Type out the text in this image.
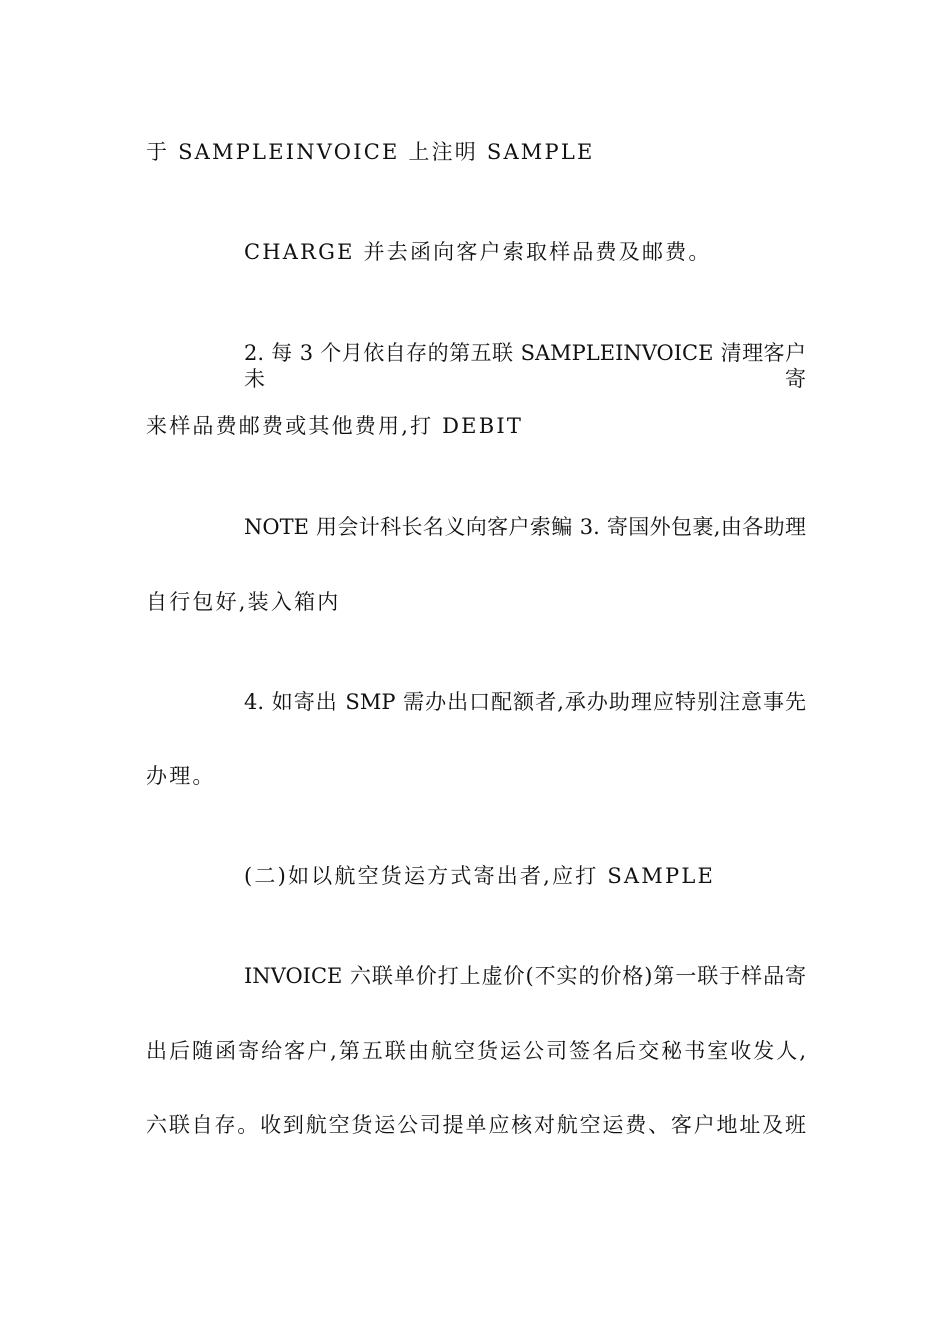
于 SAMPLEINVOICE 上注明 SAMPLE
CHARGE 并去函向客户索取样品费及邮费。
2. 每 3 个月依自存的第五联 SAMPLEINVOICE 清理客户未寄
来样品费邮费或其他费用,打 DEBIT
NOTE 用会计科长名义向客户索鳊 3. 寄国外包裹,由各助理
自行包好,装入箱内
4. 如寄出 SMP 需办出口配额者,承办助理应特别注意事先
办理。
(二)如以航空货运方式寄出者,应打 SAMPLE
INVOICE 六联单价打上虚价(不实的价格)第一联于样品寄
出后随函寄给客户,第五联由航空货运公司签名后交秘书室收发人,
六联自存。收到航空货运公司提单应核对航空运费、客户地址及班
